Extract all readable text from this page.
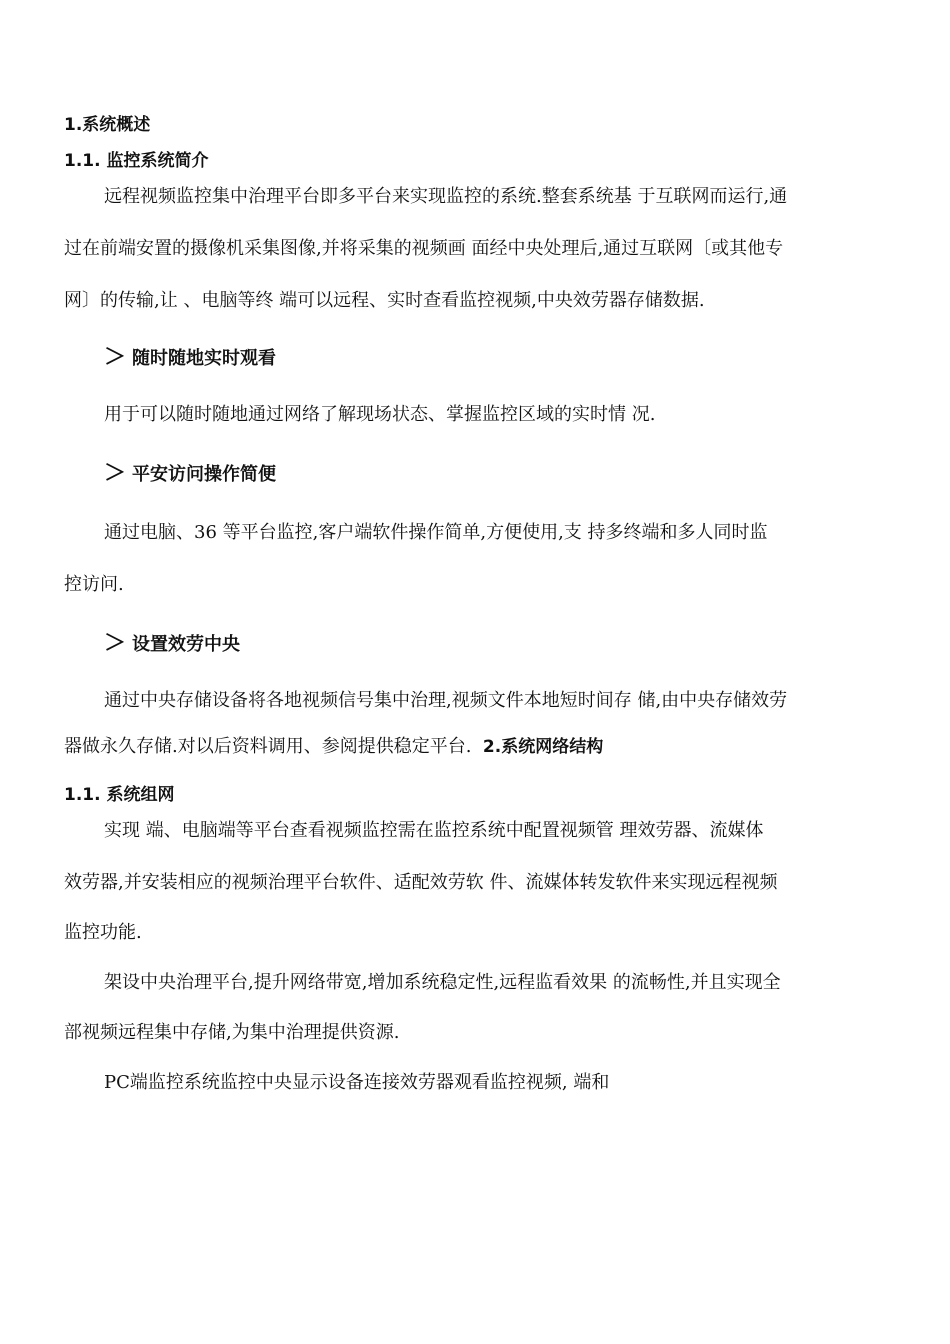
1.系统概述
1.1. 监控系统简介
远程视频监控集中治理平台即多平台来实现监控的系统.整套系统基 于互联网而运行,通
过在前端安置的摄像机采集图像,并将采集的视频画 面经中央处理后,通过互联网〔或其他专
网〕的传输,让 、电脑等终 端可以远程、实时查看监控视频,中央效劳器存储数据.
＞ 随时随地实时观看
用于可以随时随地通过网络了解现场状态、掌握监控区域的实时情 况.
＞ 平安访问操作简便
通过电脑、36 等平台监控,客户端软件操作简单,方便使用,支 持多终端和多人同时监
控访问.
＞ 设置效劳中央
通过中央存储设备将各地视频信号集中治理,视频文件本地短时间存 储,由中央存储效劳
器做永久存储.对以后资料调用、参阅提供稳定平台. 2.系统网络结构
1.1. 系统组网
实现 端、电脑端等平台查看视频监控需在监控系统中配置视频管 理效劳器、流媒体
效劳器,并安装相应的视频治理平台软件、适配效劳软 件、流媒体转发软件来实现远程视频
监控功能.
架设中央治理平台,提升网络带宽,增加系统稳定性,远程监看效果 的流畅性,并且实现全
部视频远程集中存储,为集中治理提供资源.
PC端监控系统监控中央显示设备连接效劳器观看监控视频, 端和
